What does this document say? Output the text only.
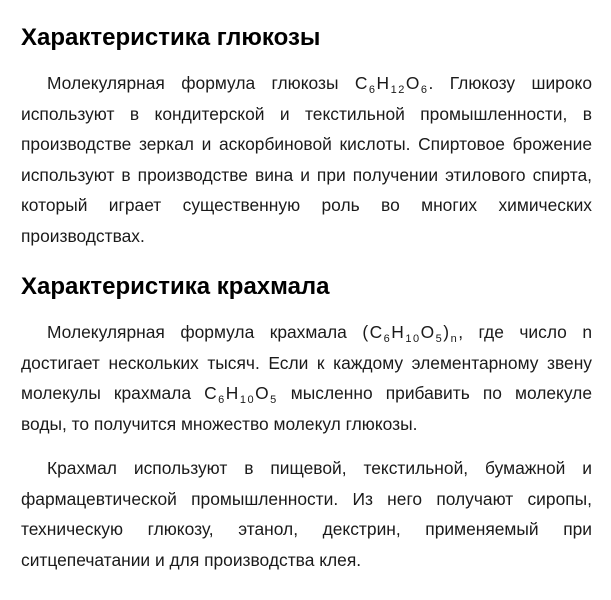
Характеристика глюкозы

Молекулярная формула глюкозы $C_6H_{12}O_6$. Глюкозу широко используют в кондитерской и текстильной промышленности, в производстве зеркал и аскорбиновой кислоты. Спиртовое брожение используют в производстве вина и при получении этилового спирта, который играет существенную роль во многих химических производствах.

Характеристика крахмала

Молекулярная формула крахмала $(C_6H_{10}O_5)_n$, где число n достигает нескольких тысяч. Если к каждому элементарному звену молекулы крахмала $C_6H_{10}O_5$ мысленно прибавить по молекуле воды, то получится множество молекул глюкозы.

Крахмал используют в пищевой, текстильной, бумажной и фармацевтической промышленности. Из него получают сиропы, техническую глюкозу, этанол, декстрин, применяемый при ситцепечатании и для производства клея.
